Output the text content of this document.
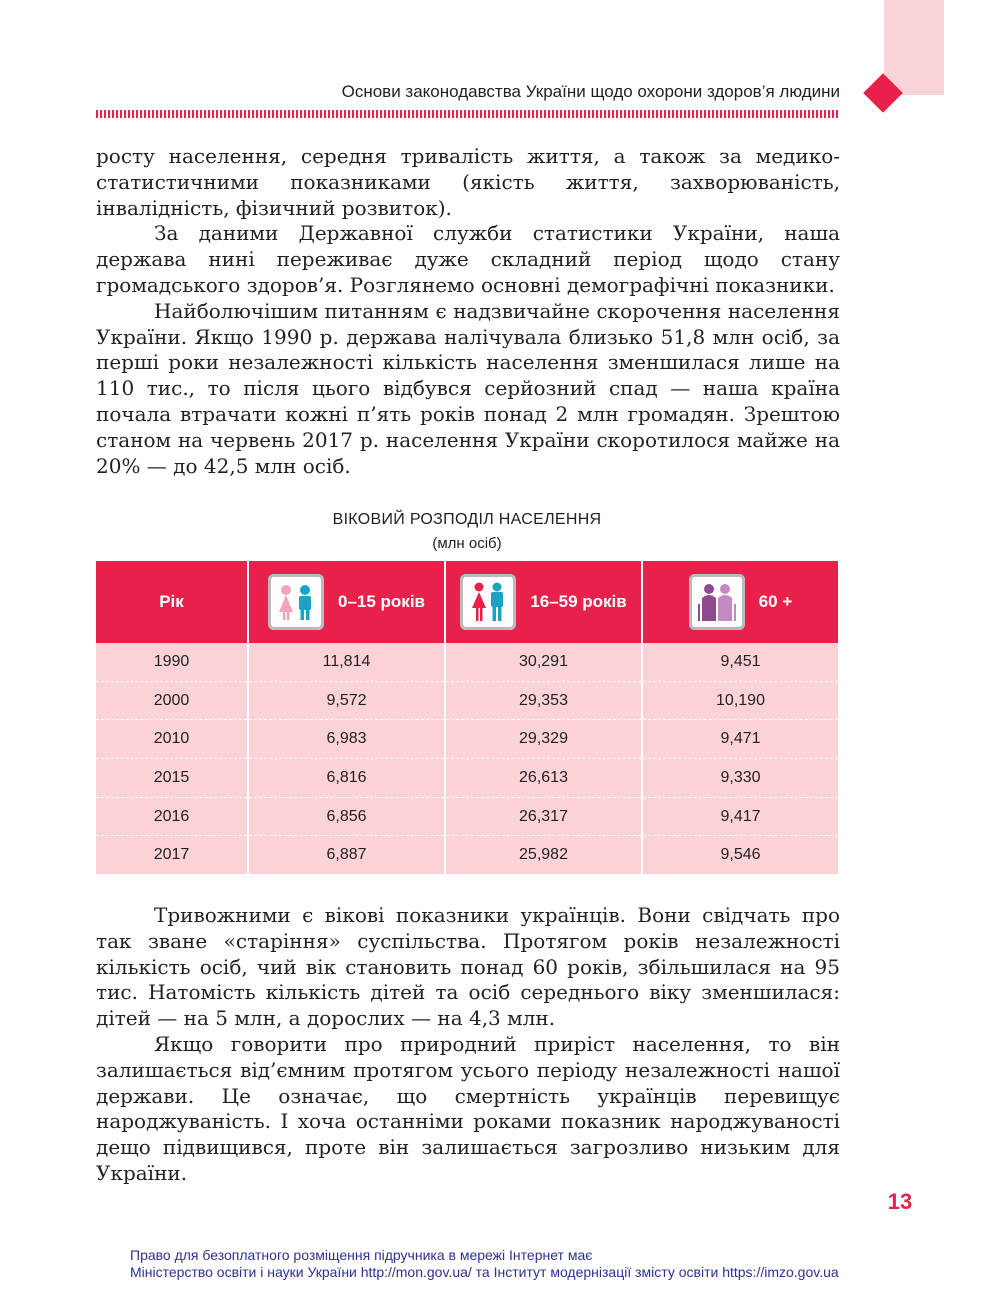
Основи законодавства України щодо охорони здоров’я людини

росту населення, середня тривалість життя, а також за медико-статистичними показниками (якість життя, захворюваність, інвалідність, фізичний розвиток).

За даними Державної служби статистики України, наша держава нині переживає дуже складний період щодо стану громадського здоров’я. Розглянемо основні демографічні показники.

Найболючішим питанням є надзвичайне скорочення населення України. Якщо 1990 р. держава налічувала близько 51,8 млн осіб, за перші роки незалежності кількість населення зменшилася лише на 110 тис., то після цього відбувся серйозний спад — наша країна почала втрачати кожні п’ять років понад 2 млн громадян. Зрештою станом на червень 2017 р. населення України скоротилося майже на 20% — до 42,5 млн осіб.

ВІКОВИЙ РОЗПОДІЛ НАСЕЛЕННЯ
(млн осіб)
Рік	0–15 років	16–59 років	60 +

1990	11,814	30,291	9,451
2000	9,572	29,353	10,190
2010	6,983	29,329	9,471
2015	6,816	26,613	9,330
2016	6,856	26,317	9,417
2017	6,887	25,982	9,546

Тривожними є вікові показники українців. Вони свідчать про так зване «старіння» суспільства. Протягом років незалежності кількість осіб, чий вік становить понад 60 років, збільшилася на 95 тис. Натомість кількість дітей та осіб середнього віку зменшилася: дітей — на 5 млн, а дорослих — на 4,3 млн.

Якщо говорити про природний приріст населення, то він залишається від’ємним протягом усього періоду незалежності нашої держави. Це означає, що смертність українців перевищує народжуваність. І хоча останніми роками показник народжуваності дещо підвищився, проте він залишається загрозливо низьким для України.

13
Право для безоплатного розміщення підручника в мережі Інтернет має
Міністерство освіти і науки України http://mon.gov.ua/ та Інститут модернізації змісту освіти https://imzo.gov.ua
